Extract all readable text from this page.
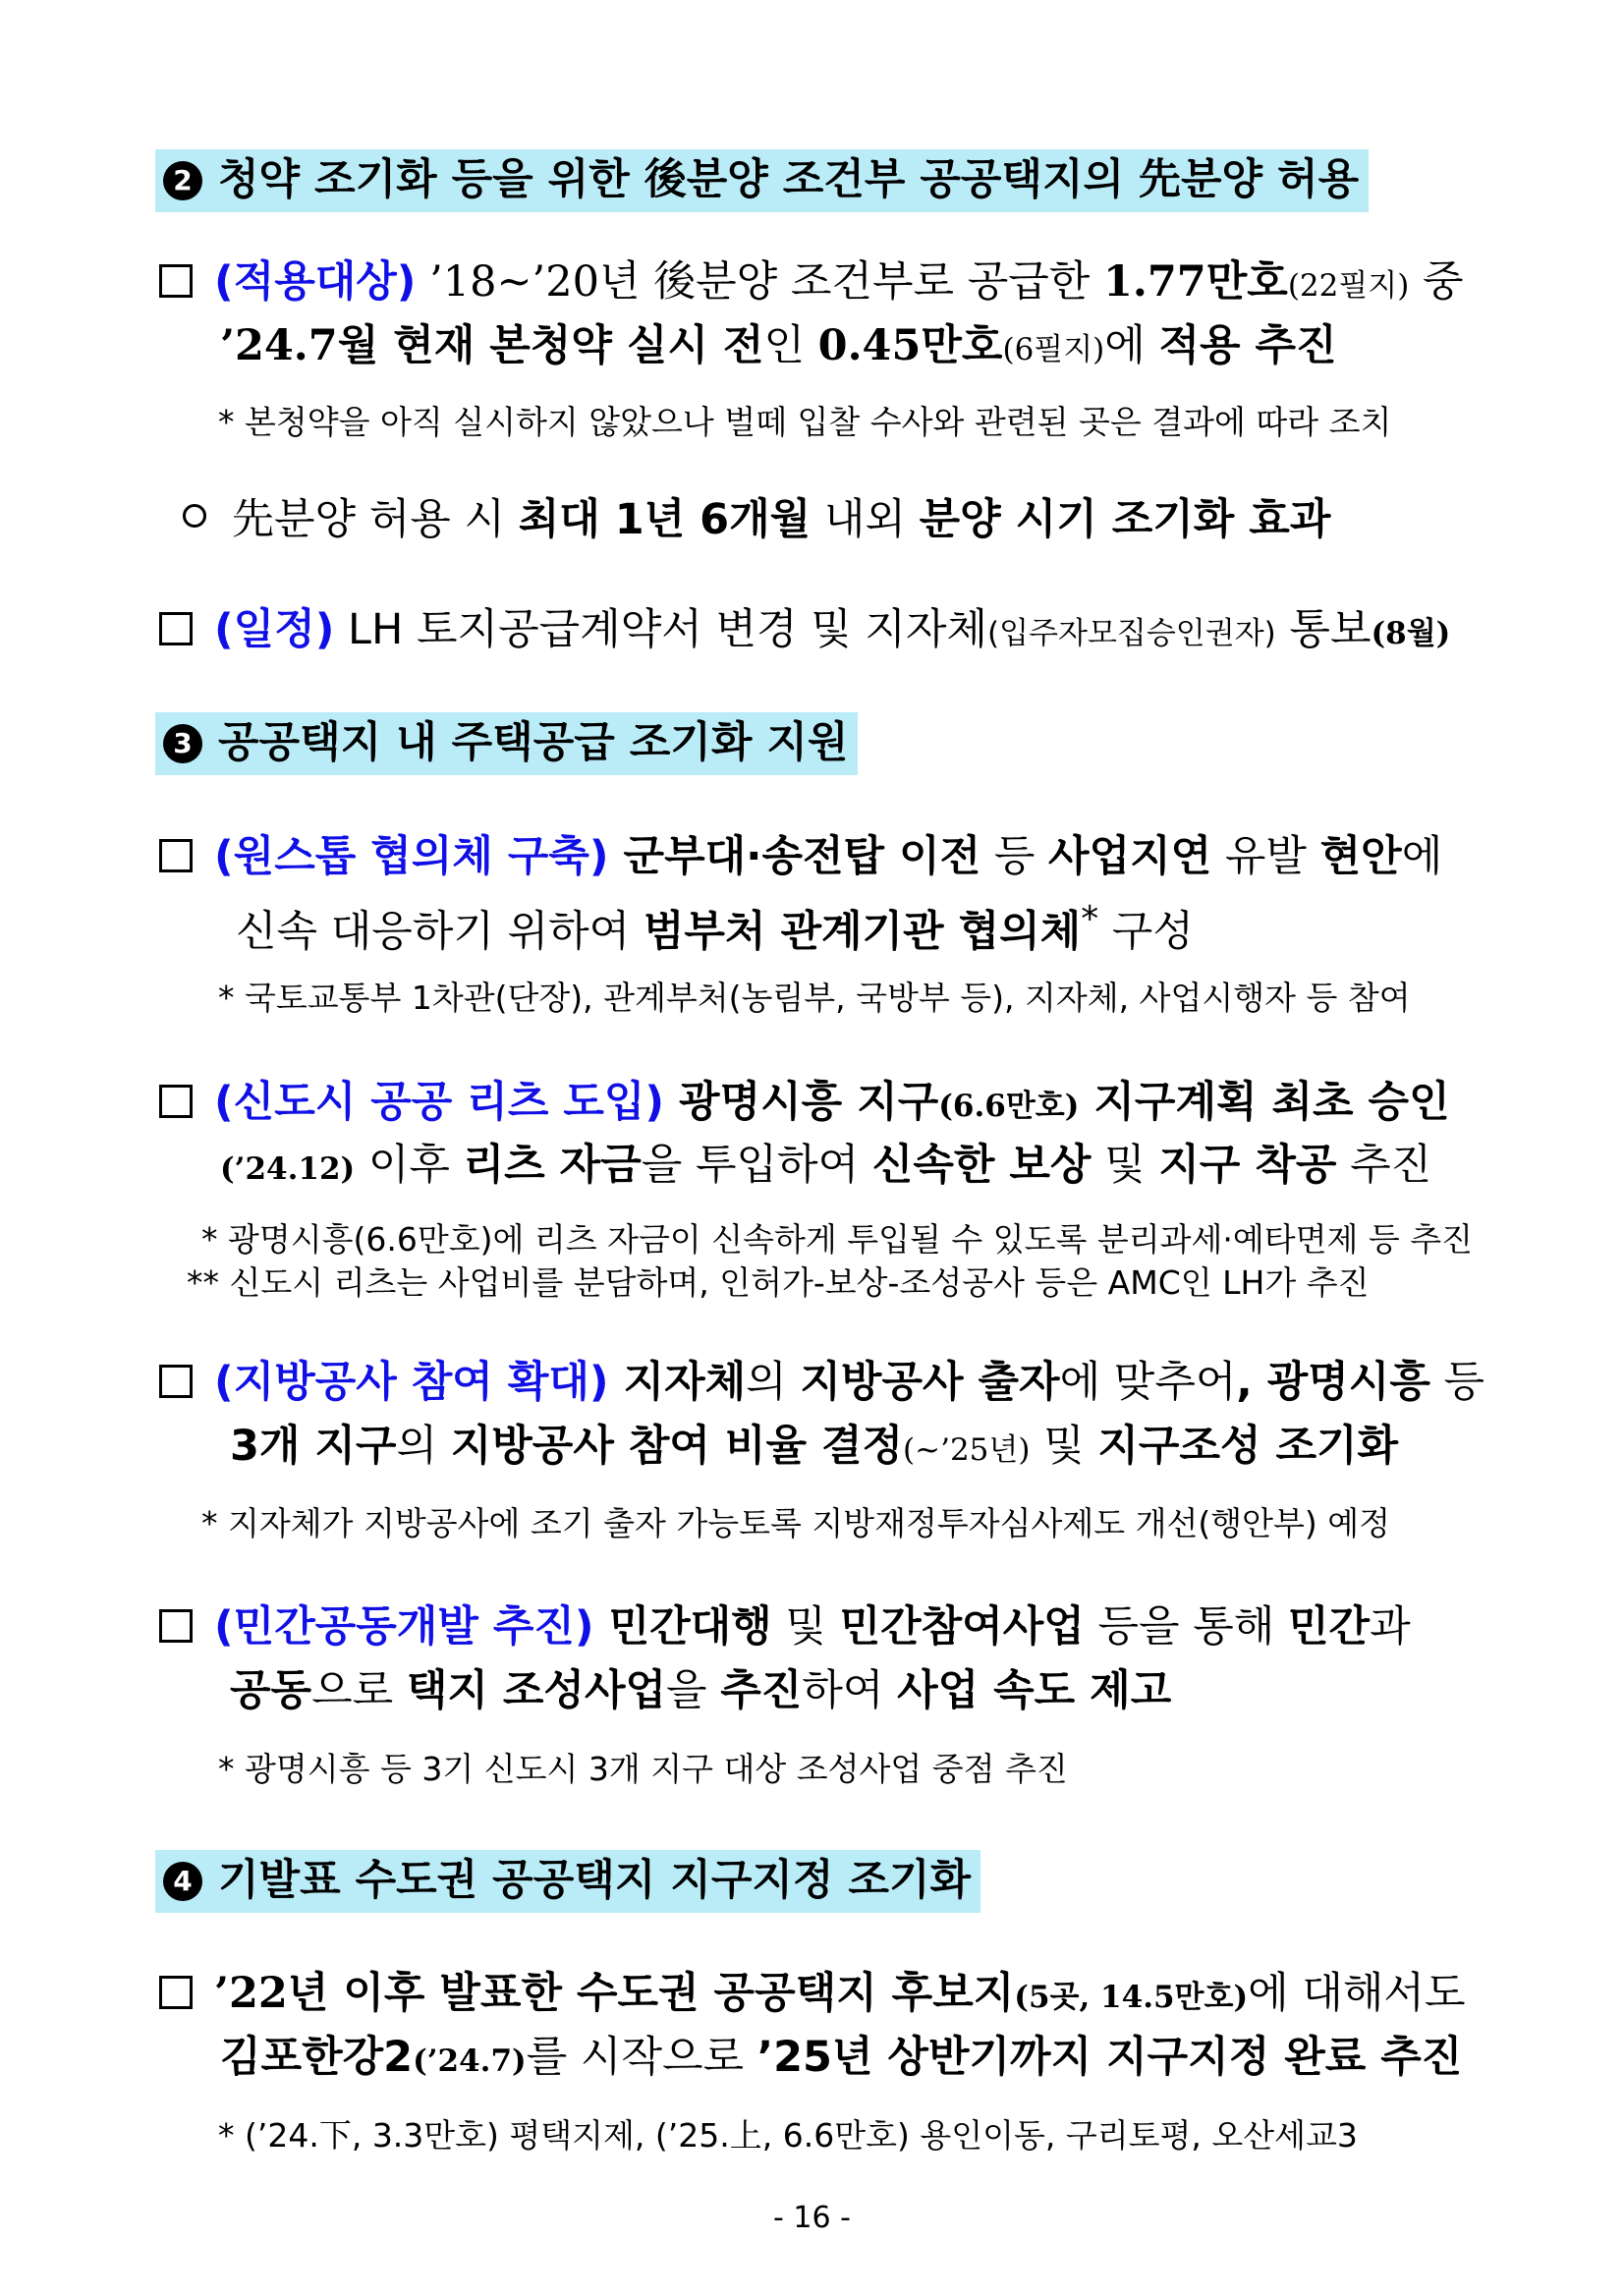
2 청약 조기화 등을 위한 後분양 조건부 공공택지의 先분양 허용
(적용대상) ’18~’20년 後분양 조건부로 공급한 1.77만호(22필지) 중
’24.7월 현재 본청약 실시 전인 0.45만호(6필지)에 적용 추진
* 본청약을 아직 실시하지 않았으나 벌떼 입찰 수사와 관련된 곳은 결과에 따라 조치
先분양 허용 시 최대 1년 6개월 내외 분양 시기 조기화 효과
(일정) LH 토지공급계약서 변경 및 지자체(입주자모집승인권자) 통보(8월)
3 공공택지 내 주택공급 조기화 지원
(원스톱 협의체 구축) 군부대·송전탑 이전 등 사업지연 유발 현안에
신속 대응하기 위하여 범부처 관계기관 협의체* 구성
* 국토교통부 1차관(단장), 관계부처(농림부, 국방부 등), 지자체, 사업시행자 등 참여
(신도시 공공 리츠 도입) 광명시흥 지구(6.6만호) 지구계획 최초 승인
(’24.12) 이후 리츠 자금을 투입하여 신속한 보상 및 지구 착공 추진
* 광명시흥(6.6만호)에 리츠 자금이 신속하게 투입될 수 있도록 분리과세·예타면제 등 추진
** 신도시 리츠는 사업비를 분담하며, 인허가-보상-조성공사 등은 AMC인 LH가 추진
(지방공사 참여 확대) 지자체의 지방공사 출자에 맞추어, 광명시흥 등
3개 지구의 지방공사 참여 비율 결정(~’25년) 및 지구조성 조기화
* 지자체가 지방공사에 조기 출자 가능토록 지방재정투자심사제도 개선(행안부) 예정
(민간공동개발 추진) 민간대행 및 민간참여사업 등을 통해 민간과
공동으로 택지 조성사업을 추진하여 사업 속도 제고
* 광명시흥 등 3기 신도시 3개 지구 대상 조성사업 중점 추진
4 기발표 수도권 공공택지 지구지정 조기화
’22년 이후 발표한 수도권 공공택지 후보지(5곳, 14.5만호)에 대해서도
김포한강2(’24.7)를 시작으로 ’25년 상반기까지 지구지정 완료 추진
* (’24.下, 3.3만호) 평택지제, (’25.上, 6.6만호) 용인이동, 구리토평, 오산세교3
- 16 -
